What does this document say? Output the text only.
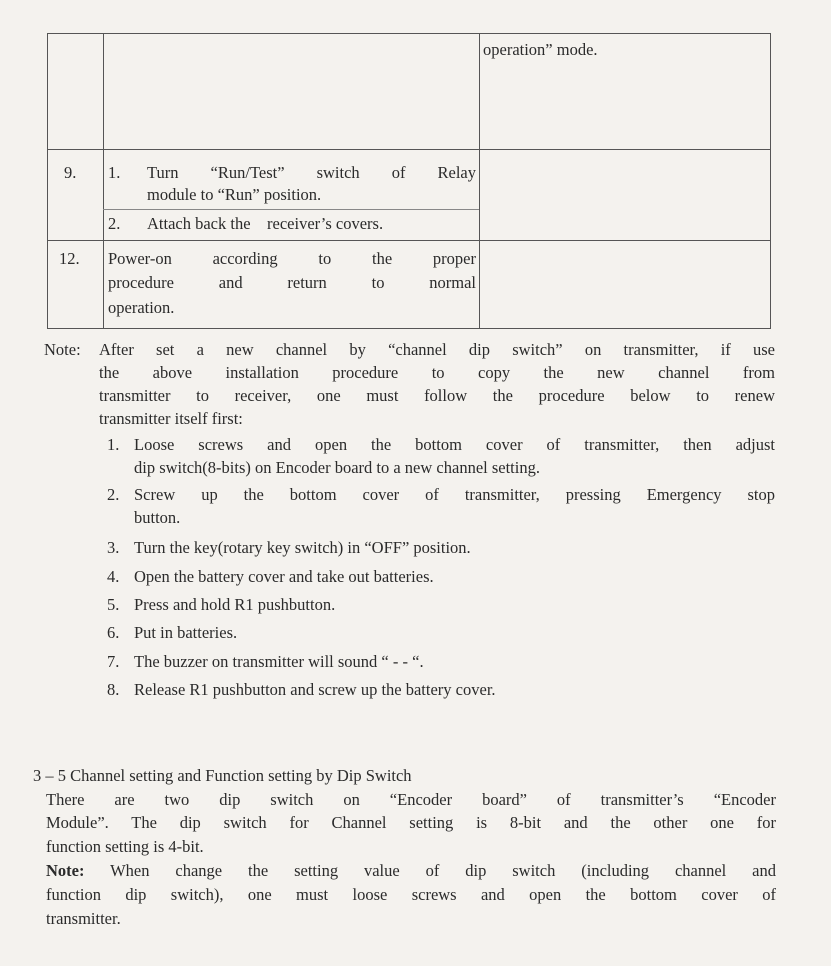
operation” mode.
9. 1. Turn “Run/Test” switch of Relay
module to “Run” position.
2. Attach back the    receiver’s covers.
12. Power-on according to the proper
procedure and return to normal
operation.
Note: After set a new channel by “channel dip switch” on transmitter, if use
the above installation procedure to copy the new channel from
transmitter to receiver, one must follow the procedure below to renew
transmitter itself first:
1. Loose screws and open the bottom cover of transmitter, then adjust
dip switch(8-bits) on Encoder board to a new channel setting.
2. Screw up the bottom cover of transmitter, pressing Emergency stop
button.
3. Turn the key(rotary key switch) in “OFF” position.
4. Open the battery cover and take out batteries.
5. Press and hold R1 pushbutton.
6. Put in batteries.
7. The buzzer on transmitter will sound “ - - “.
8. Release R1 pushbutton and screw up the battery cover.
3 – 5 Channel setting and Function setting by Dip Switch
There are two dip switch on “Encoder board” of transmitter’s “Encoder
Module”. The dip switch for Channel setting is 8-bit and the other one for
function setting is 4-bit.
Note: When change the setting value of dip switch (including channel and
function dip switch), one must loose screws and open the bottom cover of
transmitter.
